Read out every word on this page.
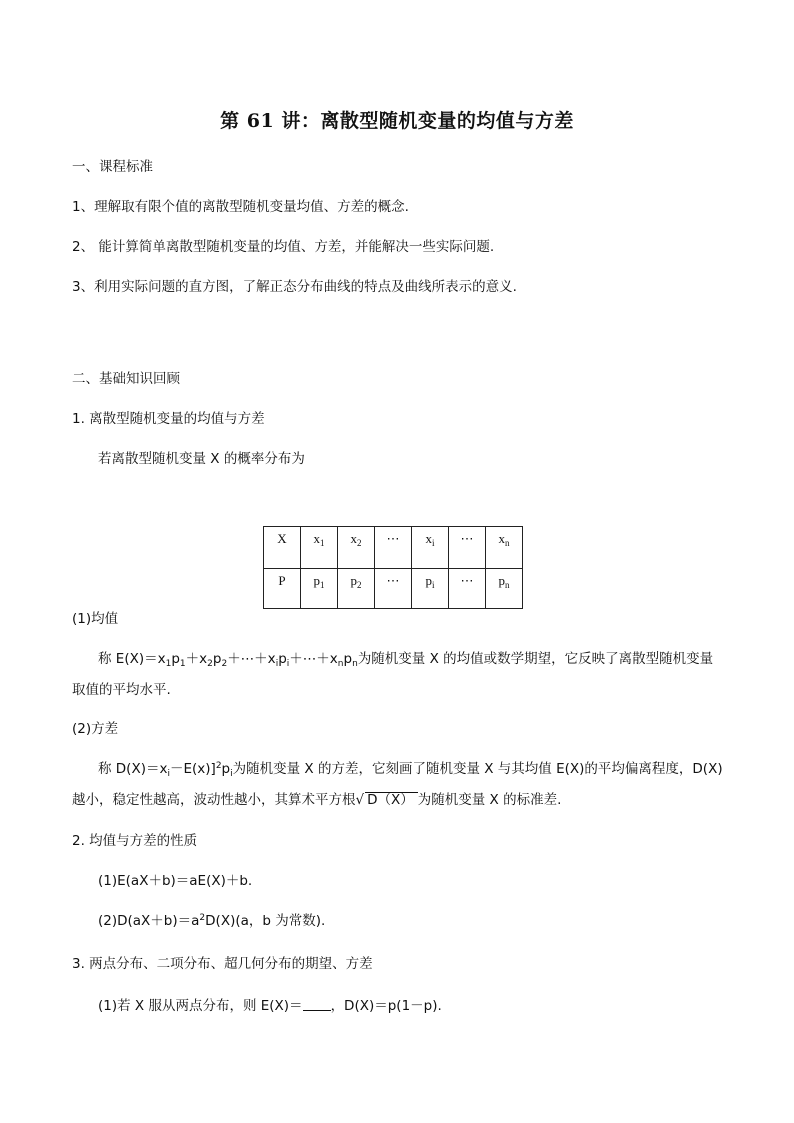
第 61 讲：离散型随机变量的均值与方差
一、课程标准
1、理解取有限个值的离散型随机变量均值、方差的概念.
2、 能计算简单离散型随机变量的均值、方差，并能解决一些实际问题.
3、利用实际问题的直方图，了解正态分布曲线的特点及曲线所表示的意义.
二、基础知识回顾
1. 离散型随机变量的均值与方差
若离散型随机变量 X 的概率分布为
X	$x_1$	$x_2$	⋯	$x_i$	⋯	$x_n$
P	$p_1$	$p_2$	⋯	$p_i$	⋯	$p_n$
(1)均值
称 $E(X)=x_1p_1+x_2p_2+\cdots+x_ip_i+\cdots+x_np_n$为随机变量 X 的均值或数学期望，它反映了离散型随机变量
取值的平均水平.
(2)方差
称 $D(X)=x_i-E(x)]^2p_i$为随机变量 X 的方差，它刻画了随机变量 X 与其均值 E(X)的平均偏离程度，D(X)
越小，稳定性越高，波动性越小，其算术平方根√ D（X） 为随机变量 X 的标准差.
2. 均值与方差的性质
(1)E(aX＋b)＝aE(X)＋b.
$(2)D(aX+b)=a^2D(X)(a$，b 为常数).
3. 两点分布、二项分布、超几何分布的期望、方差
(1)若 X 服从两点分布，则 E(X)＝ ，D(X)＝p(1－p).
